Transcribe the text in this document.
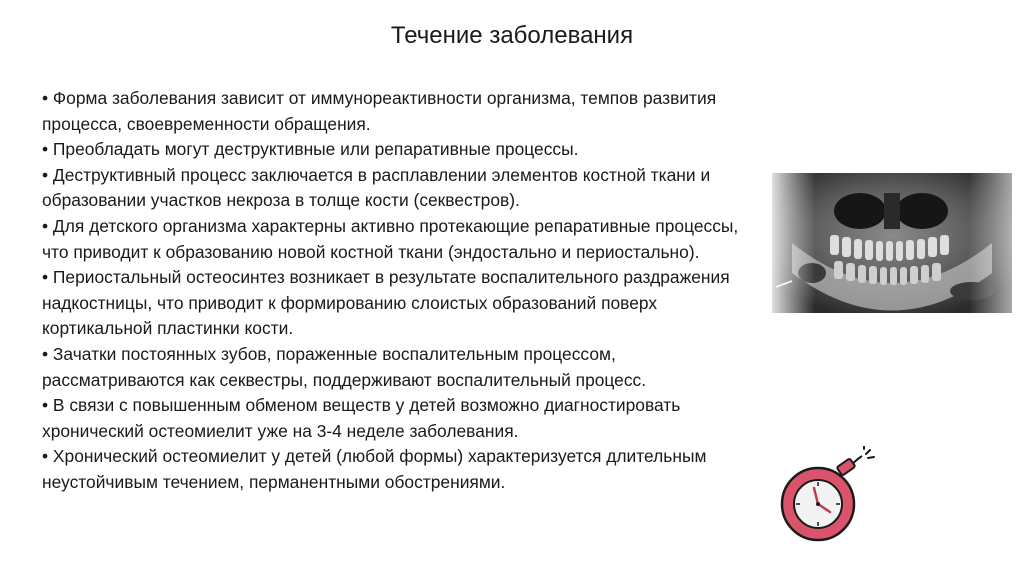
Течение заболевания

• Форма заболевания зависит от иммунореактивности организма, темпов развития процесса, своевременности обращения.

• Преобладать могут деструктивные или репаративные процессы.

• Деструктивный процесс заключается в расплавлении элементов костной ткани и образовании участков некроза в толще кости (секвестров).

• Для детского организма характерны активно протекающие репаративные процессы, что приводит к образованию новой костной ткани (эндостально и периостально).

• Периостальный остеосинтез возникает в результате воспалительного раздражения надкостницы, что приводит к формированию слоистых образований поверх кортикальной пластинки кости.

• Зачатки постоянных зубов, пораженные воспалительным процессом, рассматриваются как секвестры, поддерживают воспалительный процесс.

• В связи с повышенным обменом веществ у детей возможно диагностировать хронический остеомиелит уже на 3-4 неделе заболевания.

• Хронический остеомиелит у детей (любой формы) характеризуется длительным неустойчивым течением, перманентными обострениями.
